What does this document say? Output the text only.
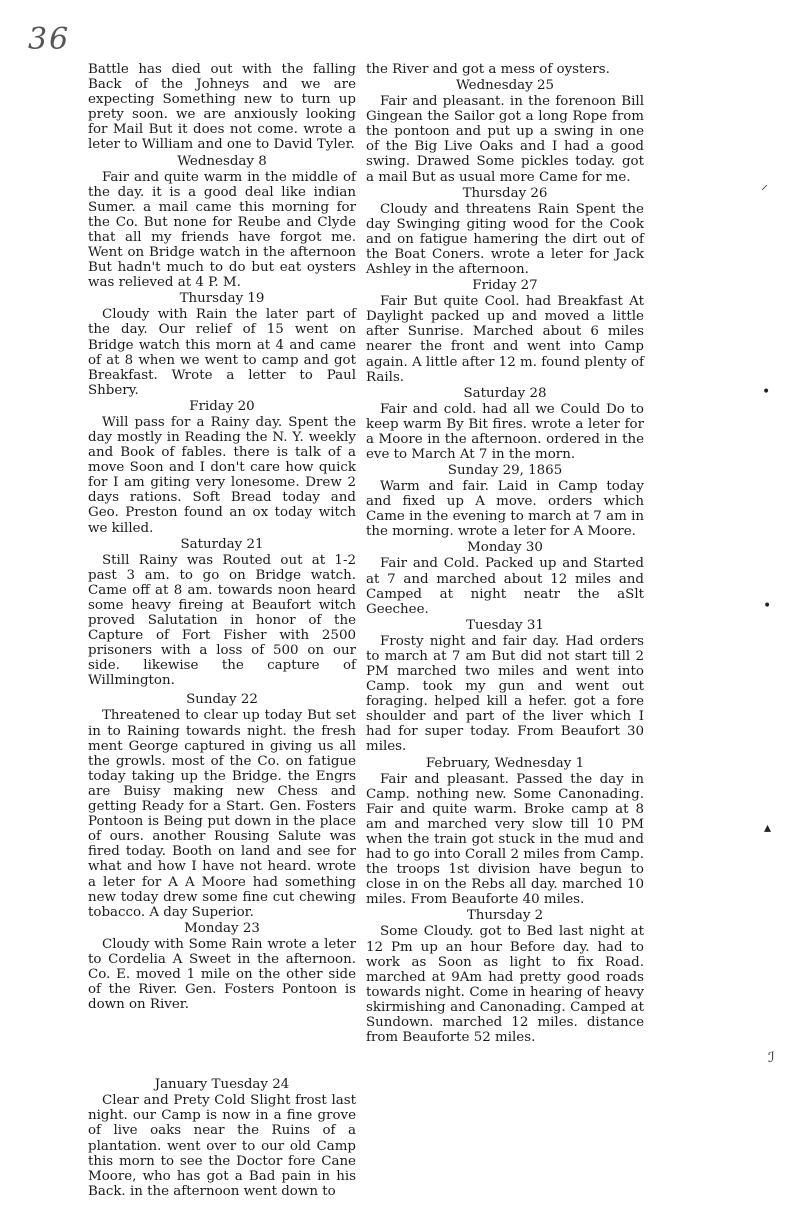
36

Battle has died out with the falling Back of the Johneys and we are expecting Something new to turn up prety soon. we are anxiously looking for Mail But it does not come. wrote a leter to William and one to David Tyler.

Wednesday 8

Fair and quite warm in the middle of the day. it is a good deal like indian Sumer. a mail came this morning for the Co. But none for Reube and Clyde that all my friends have forgot me. Went on Bridge watch in the afternoon But hadn't much to do but eat oysters was relieved at 4 P. M.

Thursday 19

Cloudy with Rain the later part of the day. Our relief of 15 went on Bridge watch this morn at 4 and came of at 8 when we went to camp and got Breakfast. Wrote a letter to Paul Shbery.

Friday 20

Will pass for a Rainy day. Spent the day mostly in Reading the N. Y. weekly and Book of fables. there is talk of a move Soon and I don't care how quick for I am giting very lonesome. Drew 2 days rations. Soft Bread today and Geo. Preston found an ox today witch we killed.

Saturday 21

Still Rainy was Routed out at 1-2 past 3 am. to go on Bridge watch. Came off at 8 am. towards noon heard some heavy fireing at Beaufort witch proved Salutation in honor of the Capture of Fort Fisher with 2500 prisoners with a loss of 500 on our side. likewise the capture of Willmington.

Sunday 22

Threatened to clear up today But set in to Raining towards night. the fresh ment George captured in giving us all the growls. most of the Co. on fatigue today taking up the Bridge. the Engrs are Buisy making new Chess and getting Ready for a Start. Gen. Fosters Pontoon is Being put down in the place of ours. another Rousing Salute was fired today. Booth on land and see for what and how I have not heard. wrote a leter for A A Moore had something new today drew some fine cut chewing tobacco. A day Superior.

Monday 23

Cloudy with Some Rain wrote a leter to Cordelia A Sweet in the afternoon. Co. E. moved 1 mile on the other side of the River. Gen. Fosters Pontoon is down on River.

January Tuesday 24

Clear and Prety Cold Slight frost last night. our Camp is now in a fine grove of live oaks near the Ruins of a plantation. went over to our old Camp this morn to see the Doctor fore Cane Moore, who has got a Bad pain in his Back. in the afternoon went down to

the River and got a mess of oysters.

Wednesday 25

Fair and pleasant. in the forenoon Bill Gingean the Sailor got a long Rope from the pontoon and put up a swing in one of the Big Live Oaks and I had a good swing. Drawed Some pickles today. got a mail But as usual more Came for me.

Thursday 26

Cloudy and threatens Rain Spent the day Swinging giting wood for the Cook and on fatigue hamering the dirt out of the Boat Coners. wrote a leter for Jack Ashley in the afternoon.

Friday 27

Fair But quite Cool. had Breakfast At Daylight packed up and moved a little after Sunrise. Marched about 6 miles nearer the front and went into Camp again. A little after 12 m. found plenty of Rails.

Saturday 28

Fair and cold. had all we Could Do to keep warm By Bit fires. wrote a leter for a Moore in the afternoon. ordered in the eve to March At 7 in the morn.

Sunday 29, 1865

Warm and fair. Laid in Camp today and fixed up A move. orders which Came in the evening to march at 7 am in the morning. wrote a leter for A Moore.

Monday 30

Fair and Cold. Packed up and Started at 7 and marched about 12 miles and Camped at night neatr the aSlt Geechee.

Tuesday 31

Frosty night and fair day. Had orders to march at 7 am But did not start till 2 PM marched two miles and went into Camp. took my gun and went out foraging. helped kill a hefer. got a fore shoulder and part of the liver which I had for super today. From Beaufort 30 miles.

February, Wednesday 1

Fair and pleasant. Passed the day in Camp. nothing new. Some Canonading. Fair and quite warm. Broke camp at 8 am and marched very slow till 10 PM when the train got stuck in the mud and had to go into Corall 2 miles from Camp. the troops 1st division have begun to close in on the Rebs all day. marched 10 miles. From Beauforte 40 miles.

Thursday 2

Some Cloudy. got to Bed last night at 12 Pm up an hour Before day. had to work as Soon as light to fix Road. marched at 9Am had pretty good roads towards night. Come in hearing of heavy skirmishing and Canonading. Camped at Sundown. marched 12 miles. distance from Beauforte 52 miles.

⸝
•
•
▴
ℐ
